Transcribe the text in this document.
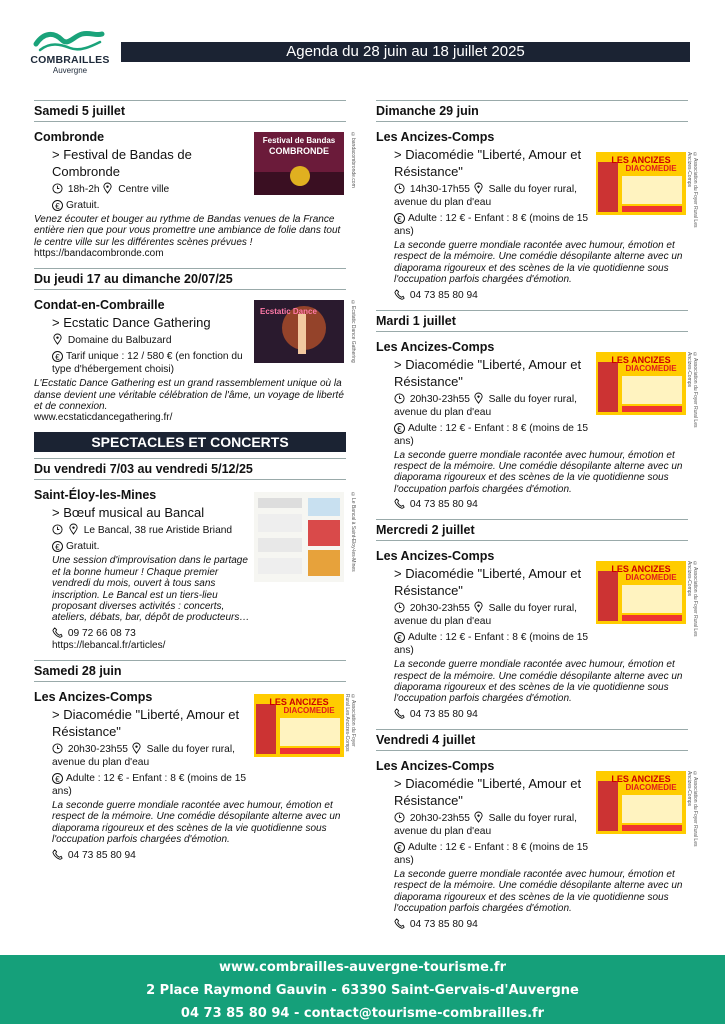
COMBRAILLES
Auvergne
Agenda du 28 juin au 18 juillet 2025
Samedi 5 juillet
Combronde	Festival de Bandas
COMBRONDE	©bandacombronde.com
> Festival de Bandas de Combronde
18h-2h Centre ville
€ Gratuit.
Venez écouter et bouger au rythme de Bandas venues de la France entière rien que pour vous promettre une ambiance de folie dans tout le centre ville sur les différentes scènes prévues !
https://bandacombronde.com
Du jeudi 17 au dimanche 20/07/25
Condat-en-Combraille	Ecstatic Dance	©Ecstatic Dance Gathering
> Ecstatic Dance Gathering
Domaine du Balbuzard
€ Tarif unique : 12 / 580 € (en fonction du type d'hébergement choisi)
L'Ecstatic Dance Gathering est un grand rassemblement unique où la danse devient une véritable célébration de l'âme, un voyage de liberté et de connexion.
www.ecstaticdancegathering.fr/
SPECTACLES ET CONCERTS
Du vendredi 7/03 au vendredi 5/12/25
Saint-Éloy-les-Mines	©Le Bancal à Saint-Eloy-les-Mines
> Bœuf musical au Bancal
Le Bancal, 38 rue Aristide Briand
€ Gratuit.
Une session d'improvisation dans le partage et la bonne humeur ! Chaque premier vendredi du mois, ouvert à tous sans inscription. Le Bancal est un tiers-lieu proposant diverses activités : concerts, ateliers, débats, bar, dépôt de producteurs…
09 72 66 08 73
https://lebancal.fr/articles/
Samedi 28 juin
Les Ancizes-Comps	LES ANCIZES
DIACOMEDIE	©Association du Foyer Rural Les Ancizes-Comps
> Diacomédie "Liberté, Amour et Résistance"
20h30-23h55 Salle du foyer rural, avenue du plan d'eau
€ Adulte : 12 € - Enfant : 8 € (moins de 15 ans)
La seconde guerre mondiale racontée avec humour, émotion et respect de la mémoire. Une comédie désopilante alterne avec un diaporama rigoureux et des scènes de la vie quotidienne sous l'occupation parfois chargées d'émotion.
04 73 85 80 94
Dimanche 29 juin
Les Ancizes-Comps
LES ANCIZES
DIACOMEDIE	©Association du Foyer Rural Les Ancizes-Comps
> Diacomédie "Liberté, Amour et Résistance"
14h30-17h55 Salle du foyer rural, avenue du plan d'eau
€ Adulte : 12 € - Enfant : 8 € (moins de 15 ans)
La seconde guerre mondiale racontée avec humour, émotion et respect de la mémoire. Une comédie désopilante alterne avec un diaporama rigoureux et des scènes de la vie quotidienne sous l'occupation parfois chargées d'émotion.
04 73 85 80 94
Mardi 1 juillet
Les Ancizes-Comps
LES ANCIZES
DIACOMEDIE	©Association du Foyer Rural Les Ancizes-Comps
> Diacomédie "Liberté, Amour et Résistance"
20h30-23h55 Salle du foyer rural, avenue du plan d'eau
€ Adulte : 12 € - Enfant : 8 € (moins de 15 ans)
La seconde guerre mondiale racontée avec humour, émotion et respect de la mémoire. Une comédie désopilante alterne avec un diaporama rigoureux et des scènes de la vie quotidienne sous l'occupation parfois chargées d'émotion.
04 73 85 80 94
Mercredi 2 juillet
Les Ancizes-Comps
LES ANCIZES
DIACOMEDIE	©Association du Foyer Rural Les Ancizes-Comps
> Diacomédie "Liberté, Amour et Résistance"
20h30-23h55 Salle du foyer rural, avenue du plan d'eau
€ Adulte : 12 € - Enfant : 8 € (moins de 15 ans)
La seconde guerre mondiale racontée avec humour, émotion et respect de la mémoire. Une comédie désopilante alterne avec un diaporama rigoureux et des scènes de la vie quotidienne sous l'occupation parfois chargées d'émotion.
04 73 85 80 94
Vendredi 4 juillet
Les Ancizes-Comps
LES ANCIZES
DIACOMEDIE	©Association du Foyer Rural Les Ancizes-Comps
> Diacomédie "Liberté, Amour et Résistance"
20h30-23h55 Salle du foyer rural, avenue du plan d'eau
€ Adulte : 12 € - Enfant : 8 € (moins de 15 ans)
La seconde guerre mondiale racontée avec humour, émotion et respect de la mémoire. Une comédie désopilante alterne avec un diaporama rigoureux et des scènes de la vie quotidienne sous l'occupation parfois chargées d'émotion.
04 73 85 80 94
www.combrailles-auvergne-tourisme.fr
2 Place Raymond Gauvin - 63390 Saint-Gervais-d'Auvergne
04 73 85 80 94 - contact@tourisme-combrailles.fr
